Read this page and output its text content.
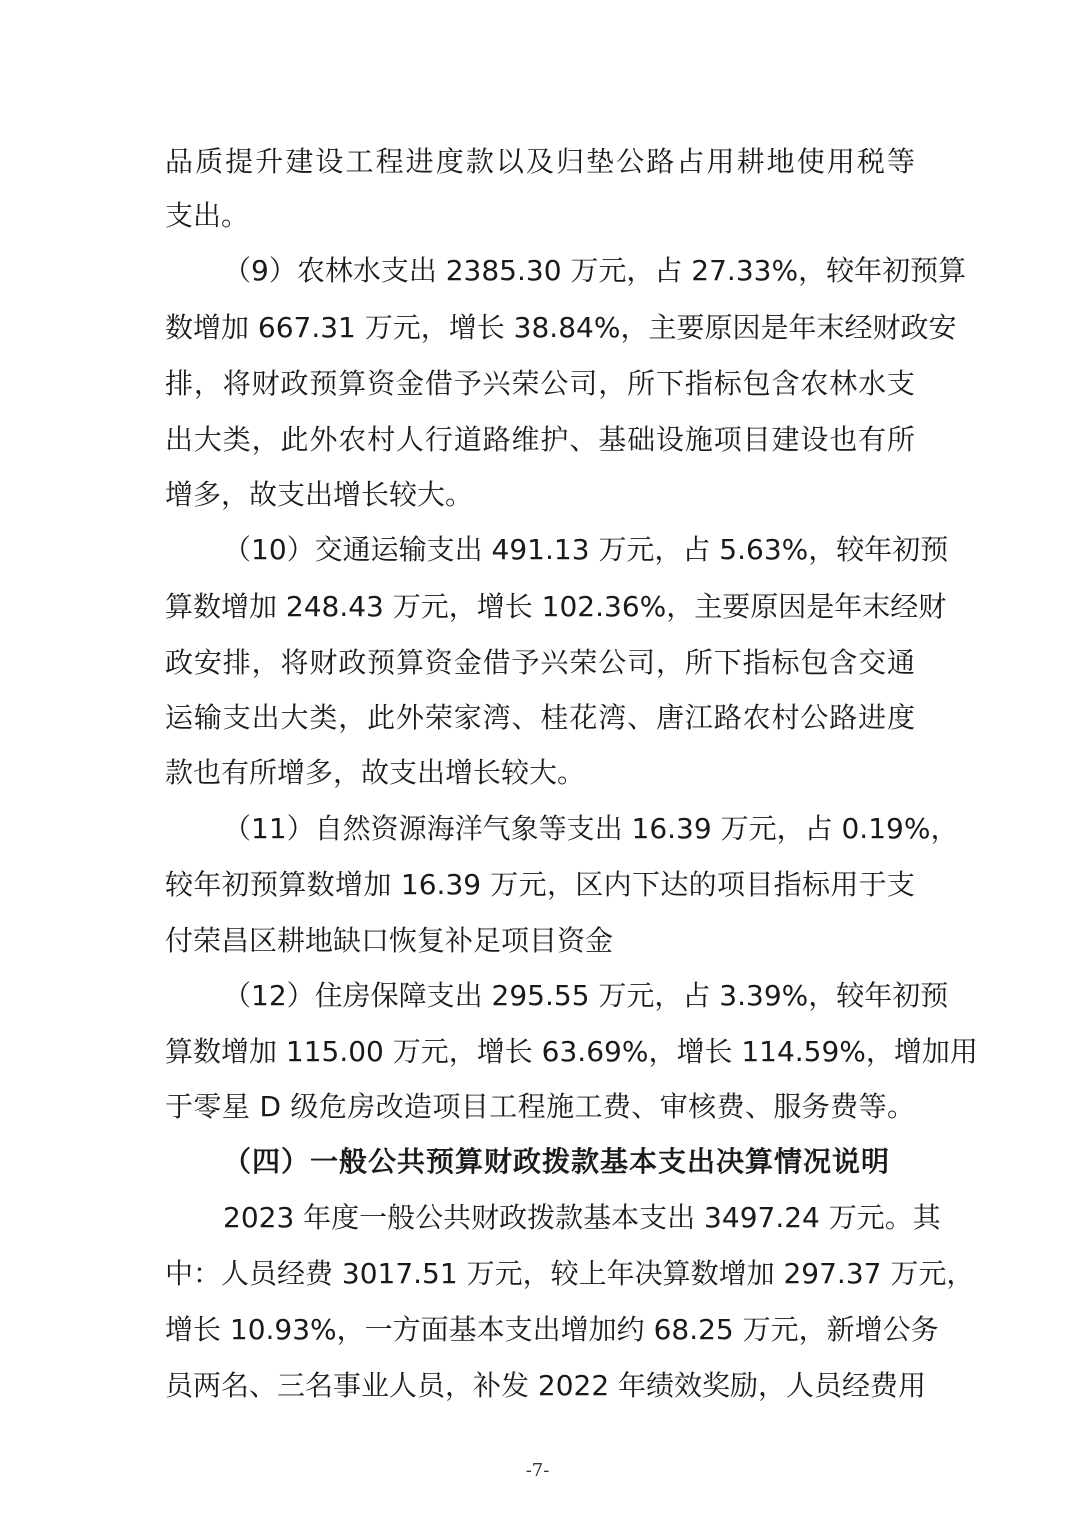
品质提升建设工程进度款以及归垫公路占用耕地使用税等

支出。

（9）农林水支出 2385.30 万元，占 27.33%，较年初预算

数增加 667.31 万元，增长 38.84%，主要原因是年末经财政安

排，将财政预算资金借予兴荣公司，所下指标包含农林水支

出大类，此外农村人行道路维护、基础设施项目建设也有所

增多，故支出增长较大。

（10）交通运输支出 491.13 万元，占 5.63%，较年初预

算数增加 248.43 万元，增长 102.36%，主要原因是年末经财

政安排，将财政预算资金借予兴荣公司，所下指标包含交通

运输支出大类，此外荣家湾、桂花湾、唐江路农村公路进度

款也有所增多，故支出增长较大。

（11）自然资源海洋气象等支出 16.39 万元，占 0.19%，

较年初预算数增加 16.39 万元，区内下达的项目指标用于支

付荣昌区耕地缺口恢复补足项目资金

（12）住房保障支出 295.55 万元，占 3.39%，较年初预

算数增加 115.00 万元，增长 63.69%，增长 114.59%，增加用

于零星 D 级危房改造项目工程施工费、审核费、服务费等。

（四）一般公共预算财政拨款基本支出决算情况说明

2023 年度一般公共财政拨款基本支出 3497.24 万元。其

中：人员经费 3017.51 万元，较上年决算数增加 297.37 万元，

增长 10.93%，一方面基本支出增加约 68.25 万元，新增公务

员两名、三名事业人员，补发 2022 年绩效奖励，人员经费用

-7-
